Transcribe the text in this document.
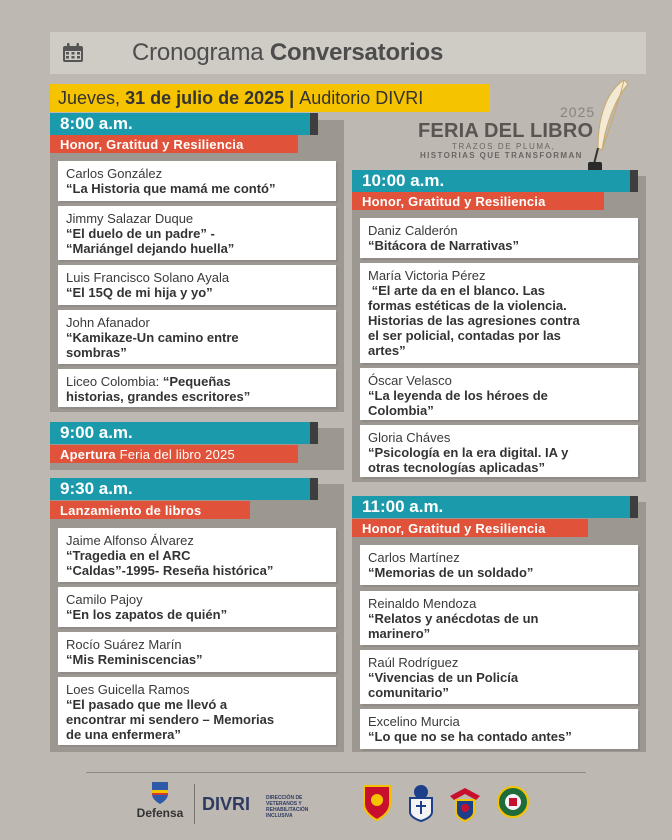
Cronograma Conversatorios
Jueves,
31 de julio de 2025
|
Auditorio DIVRI
2025
FERIA DEL LIBRO
TRAZOS DE PLUMA,
HISTORIAS QUE TRANSFORMAN
8:00 a.m.
Honor, Gratitud y Resiliencia
Carlos González
“La Historia que mamá me contó”
Jimmy Salazar Duque
“El duelo de un padre” -
“Mariángel dejando huella”
Luis Francisco Solano Ayala
“El 15Q de mi hija y yo”
John Afanador
“Kamikaze-Un camino entre
sombras”
Liceo Colombia: “Pequeñas
historias, grandes escritores”
9:00 a.m.
Apertura
Feria del libro 2025
9:30 a.m.
Lanzamiento de libros
Jaime Alfonso Álvarez
“Tragedia en el ARC
“Caldas”-1995- Reseña histórica”
Camilo Pajoy
“En los zapatos de quién”
Rocío Suárez Marín
“Mis Reminiscencias”
Loes Guicella Ramos
“El pasado que me llevó a
encontrar mi sendero – Memorias
de una enfermera”
10:00 a.m.
Honor, Gratitud y Resiliencia
Daniz Calderón
“Bitácora de Narrativas”
María Victoria Pérez
“El arte da en el blanco. Las
formas estéticas de la violencia.
Historias de las agresiones contra
el ser policial, contadas por las
artes”
Óscar Velasco
“La leyenda de los héroes de
Colombia”
Gloria Cháves
“Psicología en la era digital. IA y
otras tecnologías aplicadas”
11:00 a.m.
Honor, Gratitud y Resiliencia
Carlos Martínez
“Memorias de un soldado”
Reinaldo Mendoza
“Relatos y anécdotas de un
marinero”
Raúl Rodríguez
“Vivencias de un Policía
comunitario”
Excelino Murcia
“Lo que no se ha contado antes”
Defensa	DIVRI	DIRECCIÓN DE
VETERANOS Y
REHABILITACIÓN
INCLUSIVA
